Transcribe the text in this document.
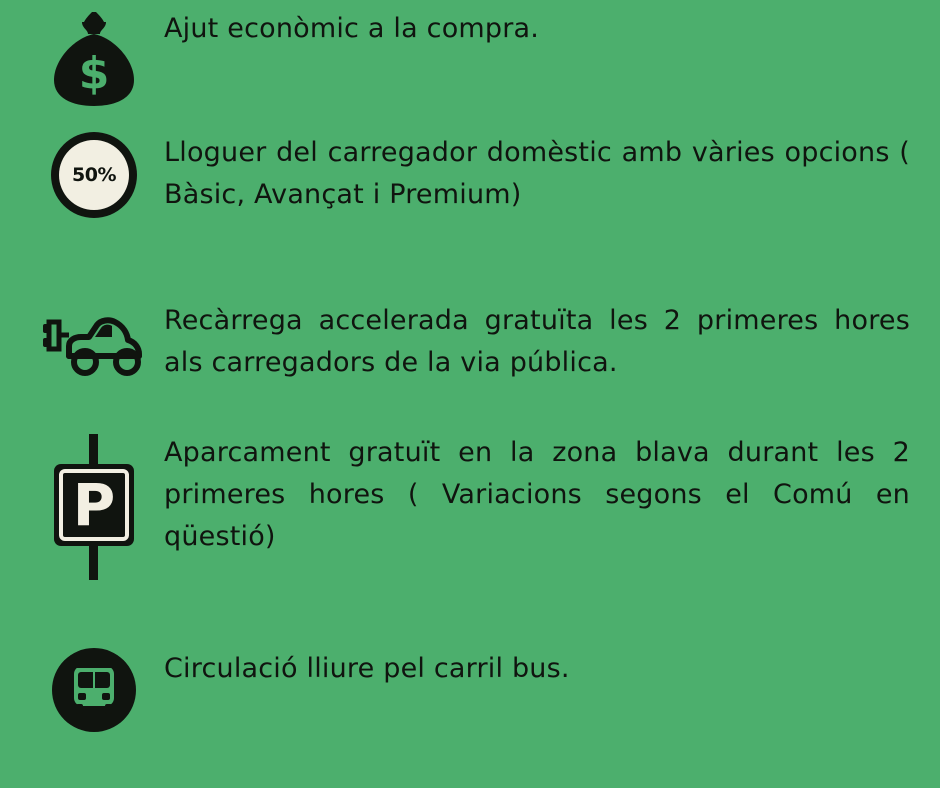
$
Ajut econòmic a la compra.
50%
Lloguer del carregador domèstic amb vàries opcions ( Bàsic, Avançat i Premium)
Recàrrega accelerada gratuïta les 2 primeres hores als carregadors de la via pública.
P
Aparcament gratuït en la zona blava durant les 2 primeres hores ( Variacions segons el Comú en qüestió)
Circulació lliure pel carril bus.
